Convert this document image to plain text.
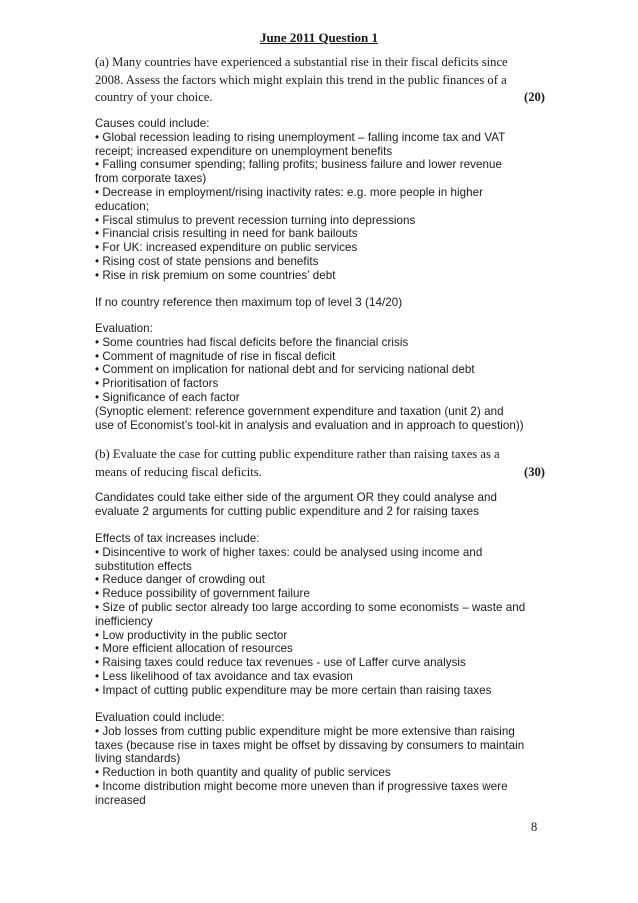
June 2011 Question 1
(a) Many countries have experienced a substantial rise in their fiscal deficits since
2008. Assess the factors which might explain this trend in the public finances of a
country of your choice.	(20)
Causes could include:
• Global recession leading to rising unemployment – falling income tax and VAT
receipt; increased expenditure on unemployment benefits
• Falling consumer spending; falling profits; business failure and lower revenue
from corporate taxes)
• Decrease in employment/rising inactivity rates: e.g. more people in higher
education;
• Fiscal stimulus to prevent recession turning into depressions
• Financial crisis resulting in need for bank bailouts
• For UK: increased expenditure on public services
• Rising cost of state pensions and benefits
• Rise in risk premium on some countries’ debt
If no country reference then maximum top of level 3 (14/20)
Evaluation:
• Some countries had fiscal deficits before the financial crisis
• Comment of magnitude of rise in fiscal deficit
• Comment on implication for national debt and for servicing national debt
• Prioritisation of factors
• Significance of each factor
(Synoptic element: reference government expenditure and taxation (unit 2) and
use of Economist’s tool-kit in analysis and evaluation and in approach to question))
(b) Evaluate the case for cutting public expenditure rather than raising taxes as a
means of reducing fiscal deficits.	(30)
Candidates could take either side of the argument OR they could analyse and
evaluate 2 arguments for cutting public expenditure and 2 for raising taxes
Effects of tax increases include:
• Disincentive to work of higher taxes: could be analysed using income and
substitution effects
• Reduce danger of crowding out
• Reduce possibility of government failure
• Size of public sector already too large according to some economists – waste and
inefficiency
• Low productivity in the public sector
• More efficient allocation of resources
• Raising taxes could reduce tax revenues - use of Laffer curve analysis
• Less likelihood of tax avoidance and tax evasion
• Impact of cutting public expenditure may be more certain than raising taxes
Evaluation could include:
• Job losses from cutting public expenditure might be more extensive than raising
taxes (because rise in taxes might be offset by dissaving by consumers to maintain
living standards)
• Reduction in both quantity and quality of public services
• Income distribution might become more uneven than if progressive taxes were
increased
8
